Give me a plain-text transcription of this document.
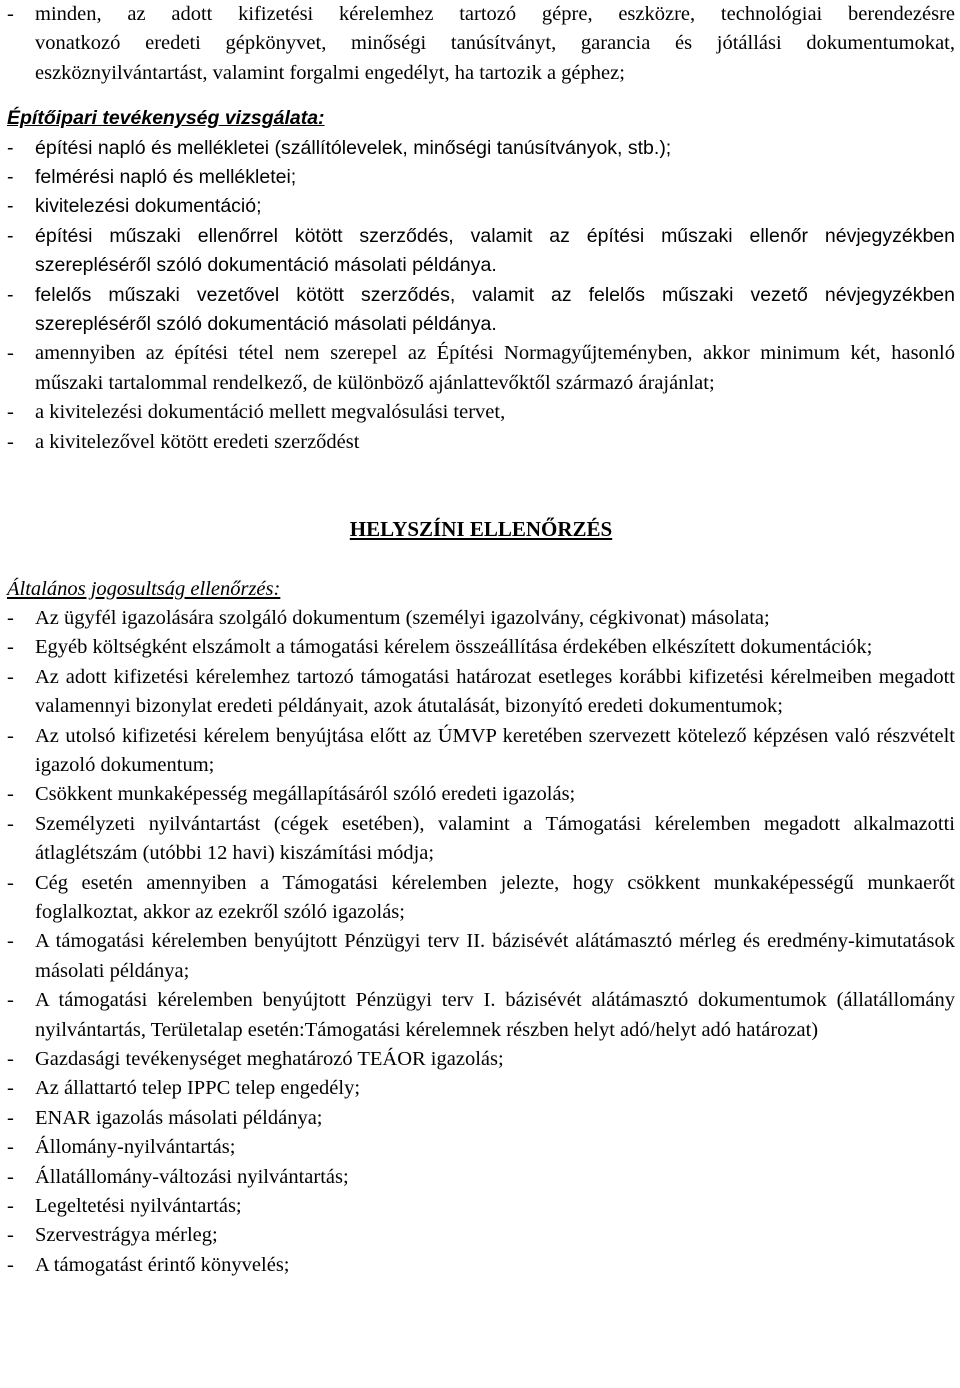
-	minden, az adott kifizetési kérelemhez tartozó gépre, eszközre, technológiai berendezésre
vonatkozó eredeti gépkönyvet, minőségi tanúsítványt, garancia és jótállási dokumentumokat, eszköznyilvántartást, valamint forgalmi engedélyt, ha tartozik a géphez;
Építőipari tevékenység vizsgálata:
-	építési napló és mellékletei (szállítólevelek, minőségi tanúsítványok, stb.);
-	felmérési napló és mellékletei;
-	kivitelezési dokumentáció;
-	építési műszaki ellenőrrel kötött szerződés, valamit az építési műszaki ellenőr névjegyzékben szerepléséről szóló dokumentáció másolati példánya.
-	felelős műszaki vezetővel kötött szerződés, valamit az felelős műszaki vezető névjegyzékben szerepléséről szóló dokumentáció másolati példánya.
-	amennyiben az építési tétel nem szerepel az Építési Normagyűjteményben, akkor minimum két, hasonló műszaki tartalommal rendelkező, de különböző ajánlattevőktől származó árajánlat;
-	a kivitelezési dokumentáció mellett megvalósulási tervet,
-	a kivitelezővel kötött eredeti szerződést
HELYSZÍNI ELLENŐRZÉS
Általános jogosultság ellenőrzés:
-	Az ügyfél igazolására szolgáló dokumentum (személyi igazolvány, cégkivonat) másolata;
-	Egyéb költségként elszámolt a támogatási kérelem összeállítása érdekében elkészített dokumentációk;
-	Az adott kifizetési kérelemhez tartozó támogatási határozat esetleges korábbi kifizetési kérelmeiben megadott valamennyi bizonylat eredeti példányait, azok átutalását, bizonyító eredeti dokumentumok;
-	Az utolsó kifizetési kérelem benyújtása előtt az ÚMVP keretében szervezett kötelező képzésen való részvételt igazoló dokumentum;
-	Csökkent munkaképesség megállapításáról szóló eredeti igazolás;
-	Személyzeti nyilvántartást (cégek esetében), valamint a Támogatási kérelemben megadott alkalmazotti átlaglétszám (utóbbi 12 havi) kiszámítási módja;
-	Cég esetén amennyiben a Támogatási kérelemben jelezte, hogy csökkent munkaképességű munkaerőt foglalkoztat, akkor az ezekről szóló igazolás;
-	A támogatási kérelemben benyújtott Pénzügyi terv II. bázisévét alátámasztó mérleg és eredmény-kimutatások másolati példánya;
-	A támogatási kérelemben benyújtott Pénzügyi terv I. bázisévét alátámasztó dokumentumok (állatállomány nyilvántartás, Területalap esetén:Támogatási kérelemnek részben helyt adó/helyt adó határozat)
-	Gazdasági tevékenységet meghatározó TEÁOR igazolás;
-	Az állattartó telep IPPC telep engedély;
-	ENAR igazolás másolati példánya;
-	Állomány-nyilvántartás;
-	Állatállomány-változási nyilvántartás;
-	Legeltetési nyilvántartás;
-	Szervestrágya mérleg;
-	A támogatást érintő könyvelés;
